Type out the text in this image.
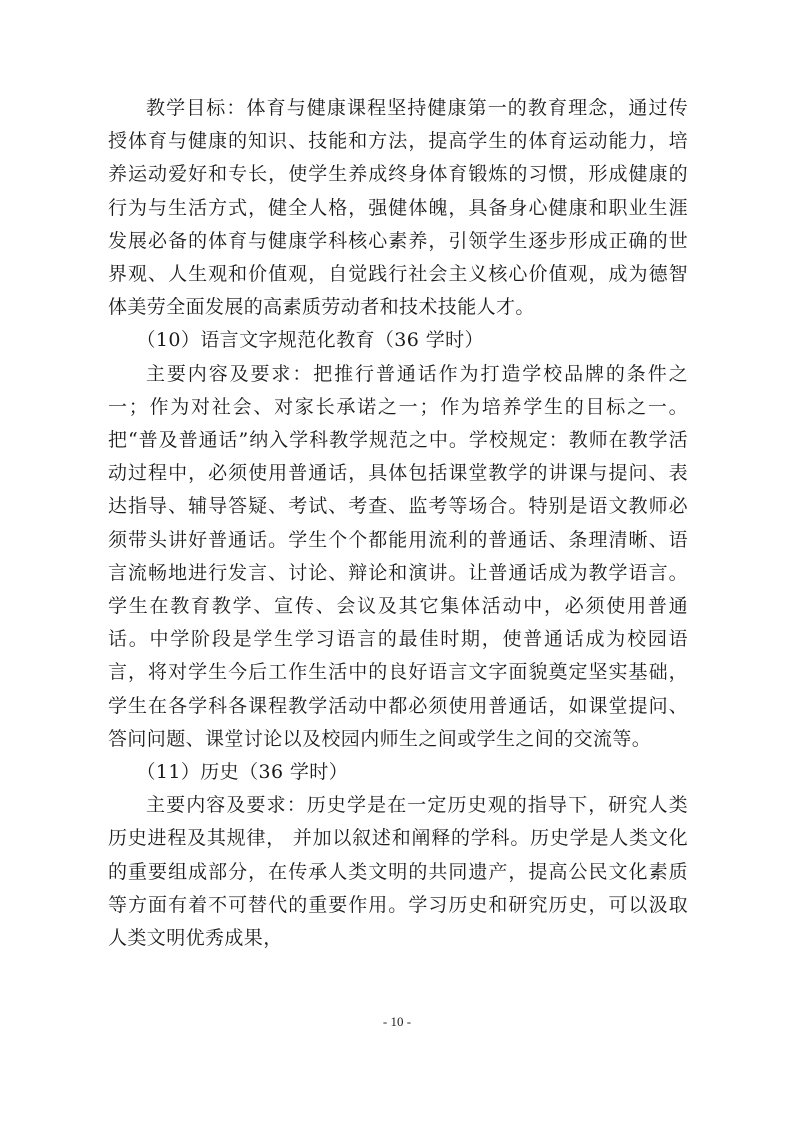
教学目标：体育与健康课程坚持健康第一的教育理念，通过传授体育与健康的知识、技能和方法，提高学生的体育运动能力，培养运动爱好和专长，使学生养成终身体育锻炼的习惯，形成健康的行为与生活方式，健全人格，强健体魄，具备身心健康和职业生涯发展必备的体育与健康学科核心素养，引领学生逐步形成正确的世界观、人生观和价值观，自觉践行社会主义核心价值观，成为德智体美劳全面发展的高素质劳动者和技术技能人才。

（10）语言文字规范化教育（36 学时）

主要内容及要求：把推行普通话作为打造学校品牌的条件之一；作为对社会、对家长承诺之一；作为培养学生的目标之一。 把“普及普通话”纳入学科教学规范之中。学校规定：教师在教学活动过程中，必须使用普通话，具体包括课堂教学的讲课与提问、表达指导、辅导答疑、考试、考查、监考等场合。特别是语文教师必须带头讲好普通话。学生个个都能用流利的普通话、条理清晰、语言流畅地进行发言、讨论、辩论和演讲。让普通话成为教学语言。学生在教育教学、宣传、会议及其它集体活动中，必须使用普通话。中学阶段是学生学习语言的最佳时期，使普通话成为校园语言，将对学生今后工作生活中的良好语言文字面貌奠定坚实基础，学生在各学科各课程教学活动中都必须使用普通话，如课堂提问、答问问题、课堂讨论以及校园内师生之间或学生之间的交流等。

（11）历史（36 学时）

主要内容及要求：历史学是在一定历史观的指导下，研究人类历史进程及其规律， 并加以叙述和阐释的学科。历史学是人类文化的重要组成部分，在传承人类文明的共同遗产，提高公民文化素质等方面有着不可替代的重要作用。学习历史和研究历史，可以汲取人类文明优秀成果，

- 10 -
